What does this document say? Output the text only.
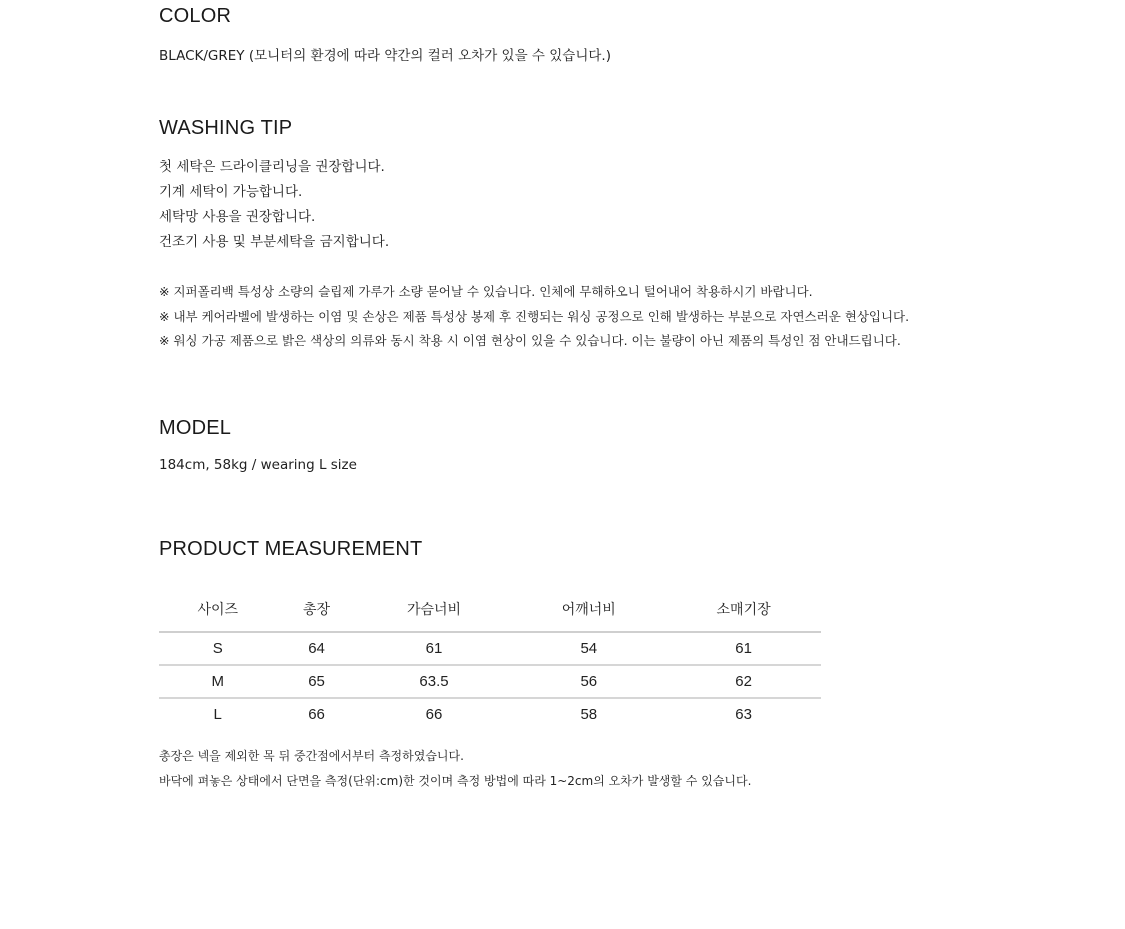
COLOR

BLACK/GREY (모니터의 환경에 따라 약간의 컬러 오차가 있을 수 있습니다.)

WASHING TIP

첫 세탁은 드라이클리닝을 권장합니다.

기계 세탁이 가능합니다.

세탁망 사용을 권장합니다.

건조기 사용 및 부분세탁을 금지합니다.

※ 지퍼폴리백 특성상 소량의 슬립제 가루가 소량 묻어날 수 있습니다. 인체에 무해하오니 털어내어 착용하시기 바랍니다.

※ 내부 케어라벨에 발생하는 이염 및 손상은 제품 특성상 봉제 후 진행되는 워싱 공정으로 인해 발생하는 부분으로 자연스러운 현상입니다.

※ 워싱 가공 제품으로 밝은 색상의 의류와 동시 착용 시 이염 현상이 있을 수 있습니다. 이는 불량이 아닌 제품의 특성인 점 안내드립니다.

MODEL

184cm, 58kg / wearing L size

PRODUCT MEASUREMENT
사이즈	총장	가슴너비	어깨너비	소매기장
S	64	61	54	61
M	65	63.5	56	62
L	66	66	58	63

총장은 넥을 제외한 목 뒤 중간점에서부터 측정하였습니다.

바닥에 펴놓은 상태에서 단면을 측정(단위:cm)한 것이며 측정 방법에 따라 1~2cm의 오차가 발생할 수 있습니다.
